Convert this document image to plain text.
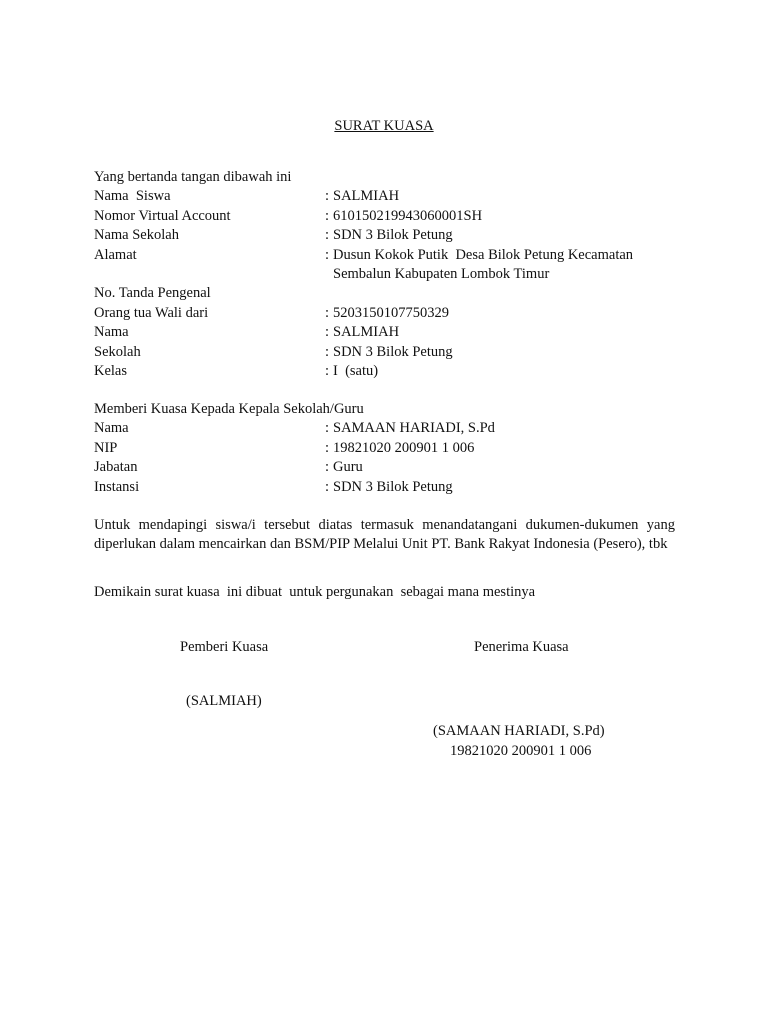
SURAT KUASA
Yang bertanda tangan dibawah ini
Nama  Siswa	: SALMIAH
Nomor Virtual Account	: 610150219943060001SH
Nama Sekolah	: SDN 3 Bilok Petung
Alamat	: Dusun Kokok Putik  Desa Bilok Petung Kecamatan
Sembalun Kabupaten Lombok Timur
No. Tanda Pengenal
Orang tua Wali dari	: 5203150107750329
Nama	: SALMIAH
Sekolah	: SDN 3 Bilok Petung
Kelas	: I  (satu)
Memberi Kuasa Kepada Kepala Sekolah/Guru
Nama	: SAMAAN HARIADI, S.Pd
NIP	: 19821020 200901 1 006
Jabatan	: Guru
Instansi	: SDN 3 Bilok Petung
Untuk mendapingi siswa/i tersebut diatas termasuk menandatangani dukumen-dukumen yang diperlukan dalam mencairkan dan BSM/PIP Melalui Unit PT. Bank Rakyat Indonesia (Pesero), tbk
Demikain surat kuasa  ini dibuat  untuk pergunakan  sebagai mana mestinya
Pemberi Kuasa	Penerima Kuasa
(SALMIAH)
(SAMAAN HARIADI, S.Pd)
19821020 200901 1 006
